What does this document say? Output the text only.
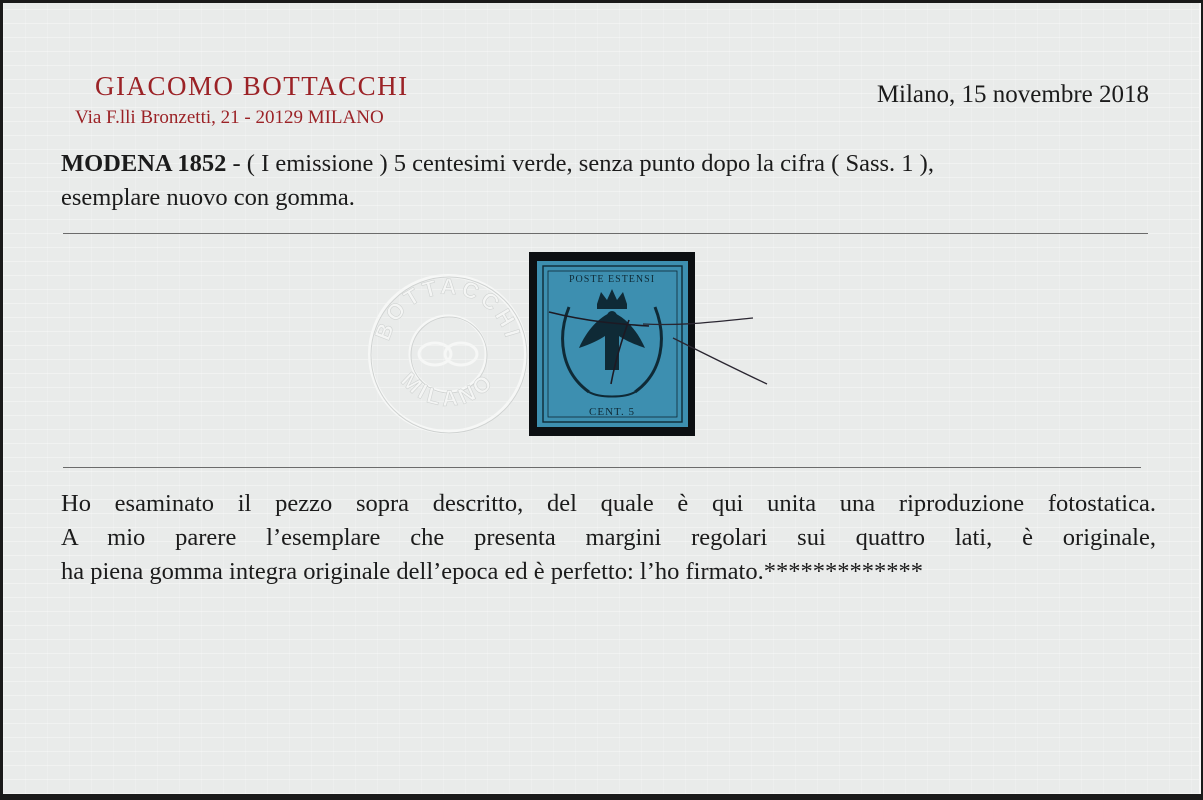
GIACOMO BOTTACCHI
Via F.lli Bronzetti, 21 - 20129 MILANO
Milano, 15 novembre 2018
MODENA 1852 - ( I emissione ) 5 centesimi verde, senza punto dopo la cifra ( Sass. 1 ),
esemplare nuovo con gomma.
BOTTACCHI
MILANO
POSTE ESTENSI
CENT. 5
Ho esaminato il pezzo sopra descritto, del quale è qui unita una riproduzione fotostatica.
A mio parere l’esemplare che presenta margini regolari sui quattro lati, è originale,
ha piena gomma integra originale dell’epoca ed è perfetto: l’ho firmato.*************
